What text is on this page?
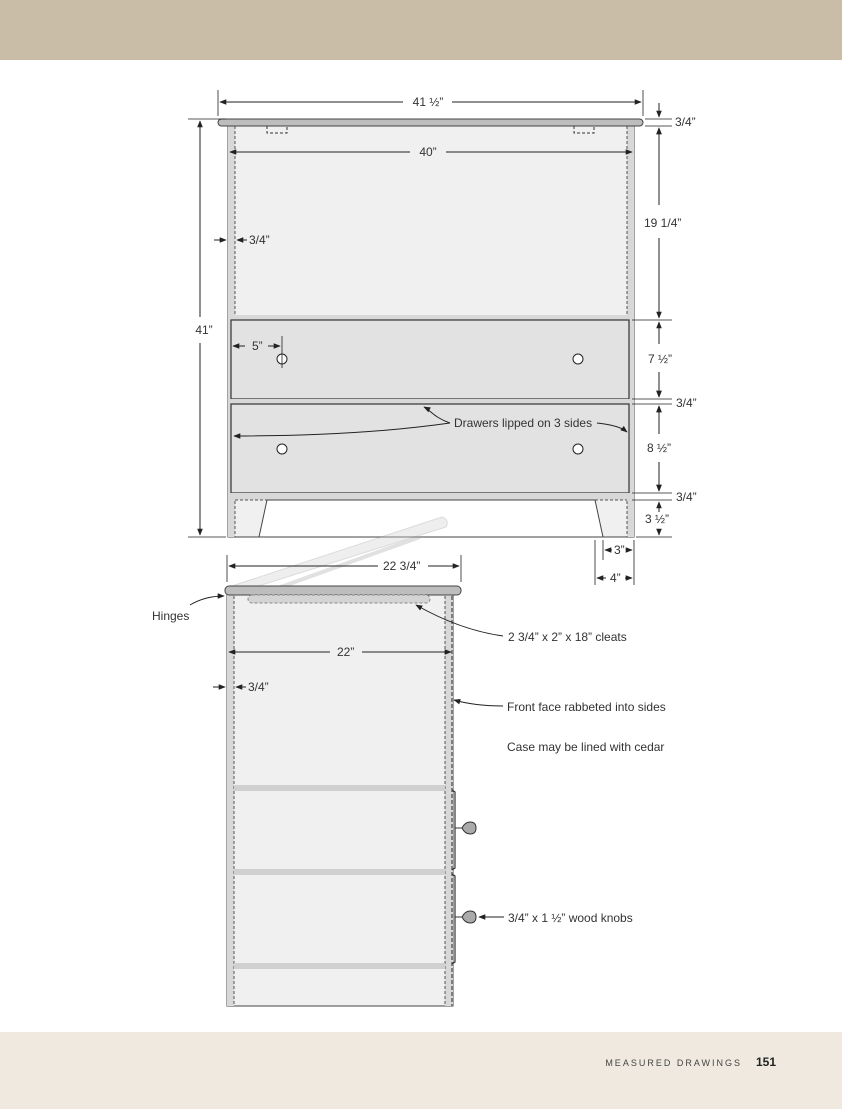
41 ½”
40”
41”
3/4”
5”
3/4”
19 1/4”
7 ½”
3/4”
8 ½”
3/4”
3 ½”
3”
4”
Drawers lipped on 3 sides
22 3/4”
22”
3/4”
Hinges
2 3/4” x 2” x 18” cleats
Front face rabbeted into sides
Case may be lined with cedar
3/4” x 1 ½” wood knobs
MEASURED DRAWINGS 151
